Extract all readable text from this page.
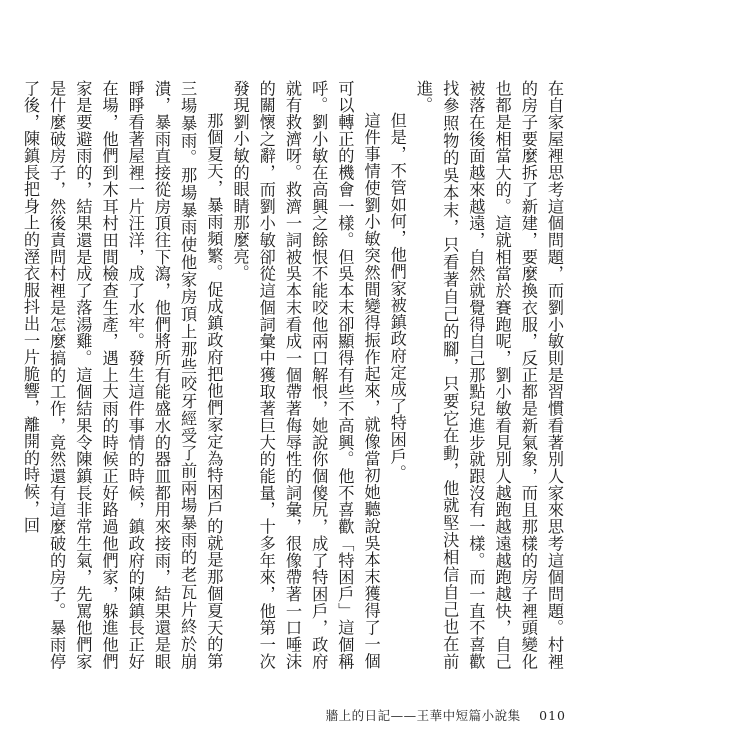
在自家屋裡思考這個問題，而劉小敏則是習慣看著別人家來思考這個問題。村裡的房子要麼拆了新建，要麼換衣服，反正都是新氣象，而且那樣的房子裡頭變化也都是相當大的。這就相當於賽跑呢，劉小敏看見別人越跑越遠越跑越快，自己被落在後面越來越遠，自然就覺得自己那點兒進步就跟沒有一樣。而一直不喜歡找參照物的吳本末，只看著自己的腳，只要它在動，他就堅決相信自己也在前進。

但是，不管如何，他們家被鎮政府定成了特困戶。

這件事情使劉小敏突然間變得振作起來，就像當初她聽說吳本末獲得了一個可以轉正的機會一樣。但吳本末卻顯得有些不高興。他不喜歡「特困戶」這個稱呼。劉小敏在高興之餘恨不能咬他兩口解恨，她說你個傻尻，成了特困戶，政府就有救濟呀。救濟一詞被吳本末看成一個帶著侮辱性的詞彙，很像帶著一口唾沫的關懷之辭，而劉小敏卻從這個詞彙中獲取著巨大的能量，十多年來，他第一次發現劉小敏的眼睛那麼亮。

那個夏天，暴雨頻繁。促成鎮政府把他們家定為特困戶的就是那個夏天的第三場暴雨。那場暴雨使他家房頂上那些咬牙經受了前兩場暴雨的老瓦片終於崩潰，暴雨直接從房頂往下瀉，他們將所有能盛水的器皿都用來接雨，結果還是眼睜睜看著屋裡一片汪洋，成了水牢。發生這件事情的時候，鎮政府的陳鎮長正好在場，他們到木耳村田間檢查生產，遇上大雨的時候正好路過他們家，躲進他們家是要避雨的，結果還是成了落湯雞。這個結果令陳鎮長非常生氣，先罵他們家是什麼破房子，然後責問村裡是怎麼搞的工作，竟然還有這麼破的房子。暴雨停了後，陳鎮長把身上的溼衣服抖出一片脆響，離開的時候，回

牆上的日記——王華中短篇小說集 010
